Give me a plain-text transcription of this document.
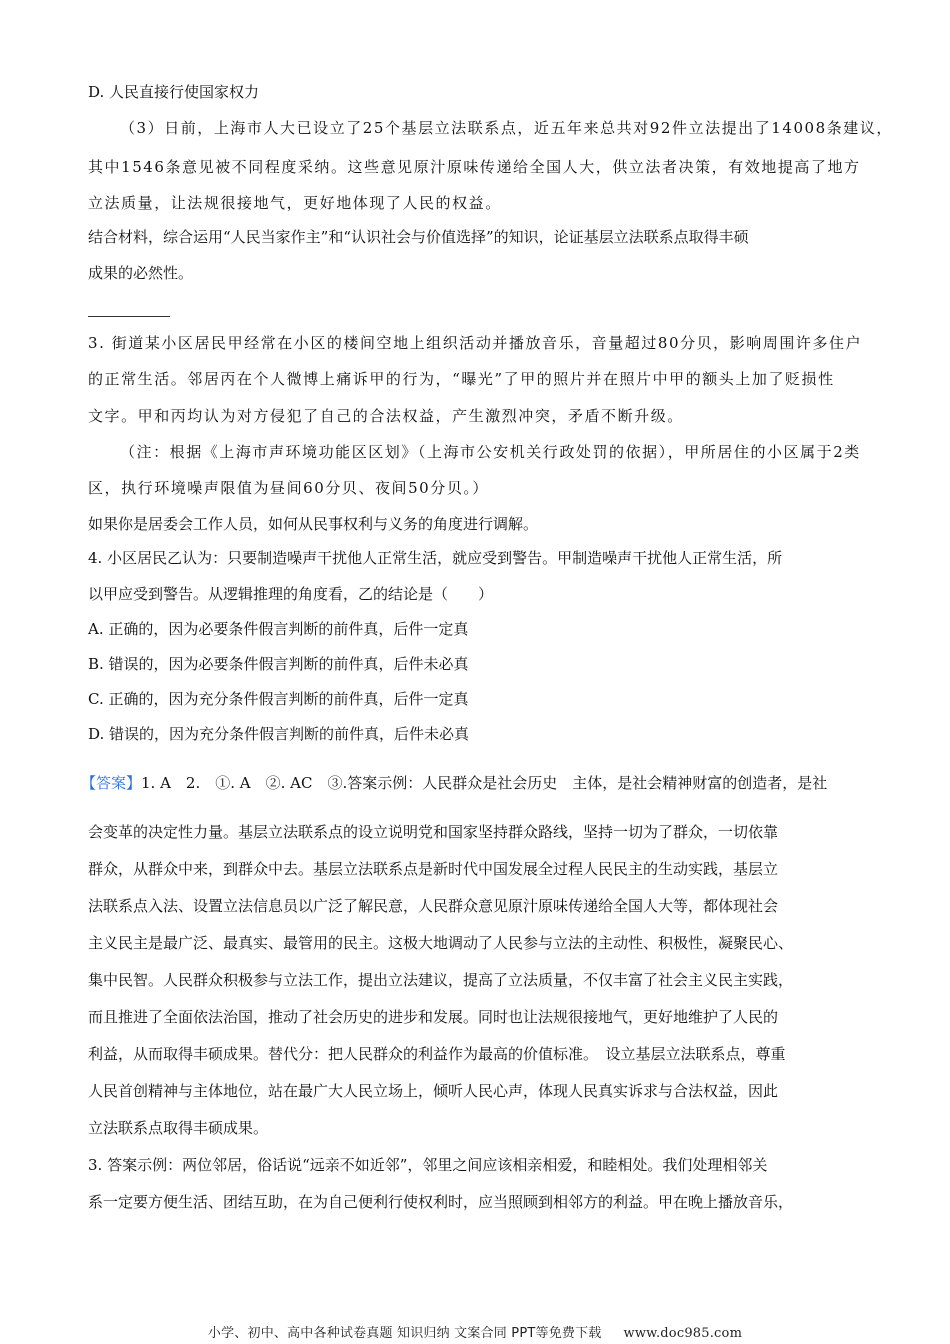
D. 人民直接行使国家权力
（3）日前，上海市人大已设立了25个基层立法联系点，近五年来总共对92件立法提出了14008条建议，
其中1546条意见被不同程度采纳。这些意见原汁原味传递给全国人大，供立法者决策，有效地提高了地方
立法质量，让法规很接地气，更好地体现了人民的权益。
结合材料，综合运用“人民当家作主”和“认识社会与价值选择”的知识，论证基层立法联系点取得丰硕
成果的必然性。
3. 街道某小区居民甲经常在小区的楼间空地上组织活动并播放音乐，音量超过80分贝，影响周围许多住户
的正常生活。邻居丙在个人微博上痛诉甲的行为，“曝光”了甲的照片并在照片中甲的额头上加了贬损性
文字。甲和丙均认为对方侵犯了自己的合法权益，产生激烈冲突，矛盾不断升级。
（注：根据《上海市声环境功能区区划》（上海市公安机关行政处罚的依据），甲所居住的小区属于2类
区，执行环境噪声限值为昼间60分贝、夜间50分贝。）
如果你是居委会工作人员，如何从民事权利与义务的角度进行调解。
4. 小区居民乙认为：只要制造噪声干扰他人正常生活，就应受到警告。甲制造噪声干扰他人正常生活，所
以甲应受到警告。从逻辑推理的角度看，乙的结论是（　　）
A. 正确的，因为必要条件假言判断的前件真，后件一定真
B. 错误的，因为必要条件假言判断的前件真，后件未必真
C. 正确的，因为充分条件假言判断的前件真，后件一定真
D. 错误的，因为充分条件假言判断的前件真，后件未必真
【答案】1. A　2.　①. A　②. AC　③.答案示例：人民群众是社会历史　主体，是社会精神财富的创造者，是社
会变革的决定性力量。基层立法联系点的设立说明党和国家坚持群众路线，坚持一切为了群众，一切依靠
群众，从群众中来，到群众中去。基层立法联系点是新时代中国发展全过程人民民主的生动实践，基层立
法联系点入法、设置立法信息员以广泛了解民意，人民群众意见原汁原味传递给全国人大等，都体现社会
主义民主是最广泛、最真实、最管用的民主。这极大地调动了人民参与立法的主动性、积极性，凝聚民心、
集中民智。人民群众积极参与立法工作，提出立法建议，提高了立法质量，不仅丰富了社会主义民主实践，
而且推进了全面依法治国，推动了社会历史的进步和发展。同时也让法规很接地气，更好地维护了人民的
利益，从而取得丰硕成果。替代分：把人民群众的利益作为最高的价值标准。　设立基层立法联系点，尊重
人民首创精神与主体地位，站在最广大人民立场上，倾听人民心声，体现人民真实诉求与合法权益，因此
立法联系点取得丰硕成果。
3. 答案示例：两位邻居，俗话说“远亲不如近邻”，邻里之间应该相亲相爱，和睦相处。我们处理相邻关
系一定要方便生活、团结互助，在为自己便利行使权利时，应当照顾到相邻方的利益。甲在晚上播放音乐，
小学、初中、高中各种试卷真题 知识归纳 文案合同 PPT等免费下载 www.doc985.com
